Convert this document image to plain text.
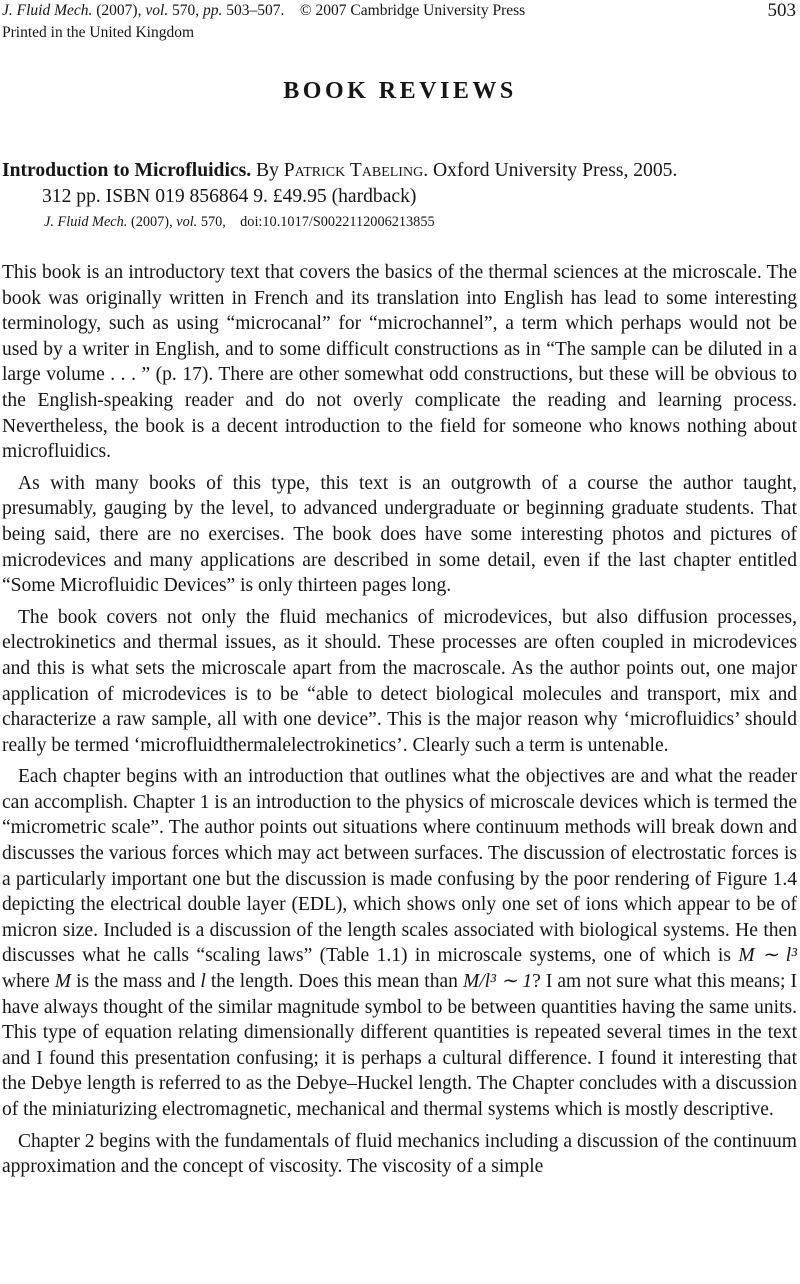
J. Fluid Mech. (2007), vol. 570, pp. 503–507. © 2007 Cambridge University Press
Printed in the United Kingdom
503
BOOK REVIEWS
Introduction to Microfluidics. By Patrick Tabeling. Oxford University Press, 2005.
312 pp. ISBN 019 856864 9. £49.95 (hardback)
J. Fluid Mech. (2007), vol. 570, doi:10.1017/S0022112006213855

This book is an introductory text that covers the basics of the thermal sciences at the microscale. The book was originally written in French and its translation into English has lead to some interesting terminology, such as using “microcanal” for “microchannel”, a term which perhaps would not be used by a writer in English, and to some difficult constructions as in “The sample can be diluted in a large volume . . . ” (p. 17). There are other somewhat odd constructions, but these will be obvious to the English-speaking reader and do not overly complicate the reading and learning process. Nevertheless, the book is a decent introduction to the field for someone who knows nothing about microfluidics.

As with many books of this type, this text is an outgrowth of a course the author taught, presumably, gauging by the level, to advanced undergraduate or beginning graduate students. That being said, there are no exercises. The book does have some interesting photos and pictures of microdevices and many applications are described in some detail, even if the last chapter entitled “Some Microfluidic Devices” is only thirteen pages long.

The book covers not only the fluid mechanics of microdevices, but also diffusion processes, electrokinetics and thermal issues, as it should. These processes are often coupled in microdevices and this is what sets the microscale apart from the macroscale. As the author points out, one major application of microdevices is to be “able to detect biological molecules and transport, mix and characterize a raw sample, all with one device”. This is the major reason why ‘microfluidics’ should really be termed ‘microfluidthermalelectrokinetics’. Clearly such a term is untenable.

Each chapter begins with an introduction that outlines what the objectives are and what the reader can accomplish. Chapter 1 is an introduction to the physics of microscale devices which is termed the “micrometric scale”. The author points out situations where continuum methods will break down and discusses the various forces which may act between surfaces. The discussion of electrostatic forces is a particularly important one but the discussion is made confusing by the poor rendering of Figure 1.4 depicting the electrical double layer (EDL), which shows only one set of ions which appear to be of micron size. Included is a discussion of the length scales associated with biological systems. He then discusses what he calls “scaling laws” (Table 1.1) in microscale systems, one of which is M ∼ l³ where M is the mass and l the length. Does this mean than M/l³ ∼ 1? I am not sure what this means; I have always thought of the similar magnitude symbol to be between quantities having the same units. This type of equation relating dimensionally different quantities is repeated several times in the text and I found this presentation confusing; it is perhaps a cultural difference. I found it interesting that the Debye length is referred to as the Debye–Huckel length. The Chapter concludes with a discussion of the miniaturizing electromagnetic, mechanical and thermal systems which is mostly descriptive.

Chapter 2 begins with the fundamentals of fluid mechanics including a discussion of the continuum approximation and the concept of viscosity. The viscosity of a simple
